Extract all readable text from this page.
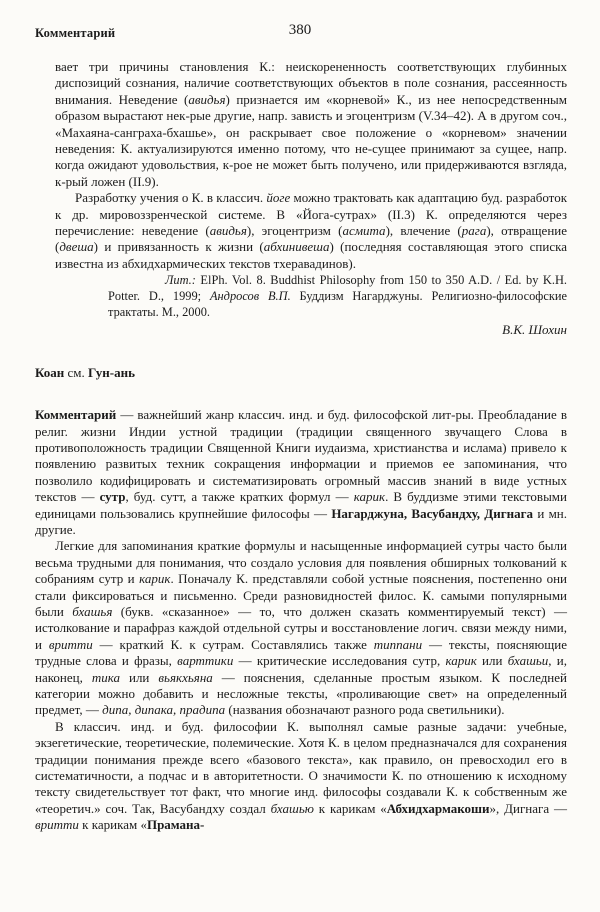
Комментарий	380

вает три причины становления К.: неискорененность соответствующих глубинных диспозиций сознания, наличие соответствующих объектов в поле сознания, рассеянность внимания. Неведение (авидья) признается им «корневой» К., из нее непосредственным образом вырастают нек-рые другие, напр. зависть и эгоцентризм (V.34–42). А в другом соч., «Махаяна-санграха-бхашье», он раскрывает свое положение о «корневом» значении неведения: К. актуализируются именно потому, что не-сущее принимают за сущее, напр. когда ожидают удовольствия, к-рое не может быть получено, или придерживаются взгляда, к-рый ложен (II.9).

Разработку учения о К. в классич. йоге можно трактовать как адаптацию буд. разработок к др. мировоззренческой системе. В «Йога-сутрах» (II.3) К. определяются через перечисление: неведение (авидья), эгоцентризм (асмита), влечение (рага), отвращение (двеша) и привязанность к жизни (абхинивеша) (последняя составляющая этого списка известна из абхидхармических текстов тхеравадинов).

Лит.: ElPh. Vol. 8. Buddhist Philosophy from 150 to 350 A.D. / Ed. by K.H. Potter. D., 1999; Андросов В.П. Буддизм Нагарджуны. Религиозно-философские трактаты. М., 2000.

В.К. Шохин

Коан см. Гун-ань

Комментарий — важнейший жанр классич. инд. и буд. философской лит-ры. Преобладание в религ. жизни Индии устной традиции (традиции священного звучащего Слова в противоположность традиции Священной Книги иудаизма, христианства и ислама) привело к появлению развитых техник сокращения информации и приемов ее запоминания, что позволило кодифицировать и систематизировать огромный массив знаний в виде устных текстов — сутр, буд. сутт, а также кратких формул — карик. В буддизме этими текстовыми единицами пользовались крупнейшие философы — Нагарджуна, Васубандху, Дигнага и мн. другие.

Легкие для запоминания краткие формулы и насыщенные информацией сутры часто были весьма трудными для понимания, что создало условия для появления обширных толкований к собраниям сутр и карик. Поначалу К. представляли собой устные пояснения, постепенно они стали фиксироваться и письменно. Среди разновидностей филос. К. самыми популярными были бхашья (букв. «сказанное» — то, что должен сказать комментируемый текст) — истолкование и парафраз каждой отдельной сутры и восстановление логич. связи между ними, и вритти — краткий К. к сутрам. Составлялись также типпани — тексты, поясняющие трудные слова и фразы, варттики — критические исследования сутр, карик или бхашьи, и, наконец, тика или вьякхьяна — пояснения, сделанные простым языком. К последней категории можно добавить и несложные тексты, «проливающие свет» на определенный предмет, — дипа, дипака, прадипа (названия обозначают разного рода светильники).

В классич. инд. и буд. философии К. выполнял самые разные задачи: учебные, экзегетические, теоретические, полемические. Хотя К. в целом предназначался для сохранения традиции понимания прежде всего «базового текста», как правило, он превосходил его в систематичности, а подчас и в авторитетности. О значимости К. по отношению к исходному тексту свидетельствует тот факт, что многие инд. философы создавали К. к собственным же «теоретич.» соч. Так, Васубандху создал бхашью к карикам «Абхидхармакоши», Дигнага — вритти к карикам «Прамана-
